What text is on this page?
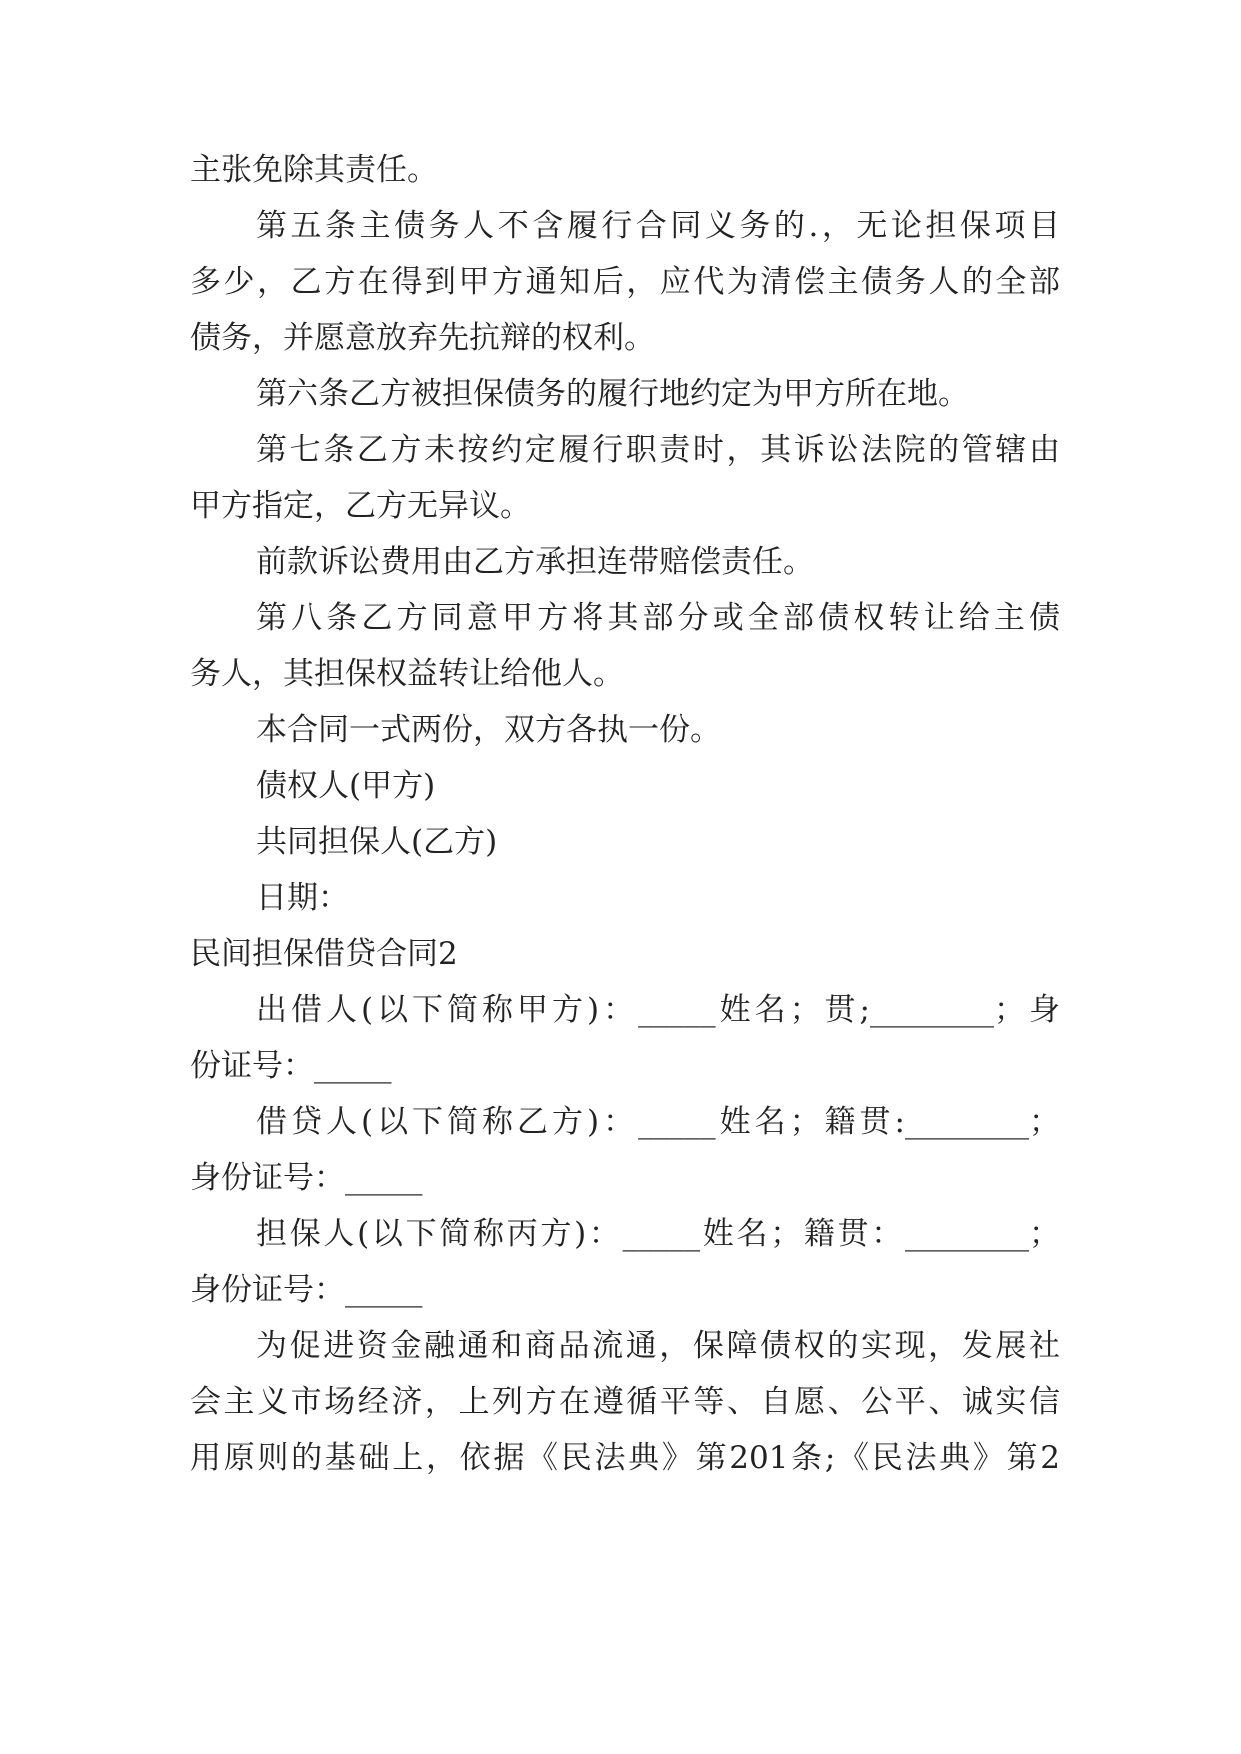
主张免除其责任。
第五条主债务人不含履行合同义务的.，无论担保项目
多少，乙方在得到甲方通知后，应代为清偿主债务人的全部
债务，并愿意放弃先抗辩的权利。
第六条乙方被担保债务的履行地约定为甲方所在地。
第七条乙方未按约定履行职责时，其诉讼法院的管辖由
甲方指定，乙方无异议。
前款诉讼费用由乙方承担连带赔偿责任。
第八条乙方同意甲方将其部分或全部债权转让给主债
务人，其担保权益转让给他人。
本合同一式两份，双方各执一份。
债权人(甲方)
共同担保人(乙方)
日期：
民间担保借贷合同2
出借人(以下简称甲方)：_____姓名；贯;________；身
份证号：_____
借贷人(以下简称乙方)：_____姓名；籍贯:________；
身份证号：_____
担保人(以下简称丙方)：_____姓名；籍贯：________；
身份证号：_____
为促进资金融通和商品流通，保障债权的实现，发展社
会主义市场经济，上列方在遵循平等、自愿、公平、诚实信
用原则的基础上，依据《民法典》第201条;《民法典》第2
